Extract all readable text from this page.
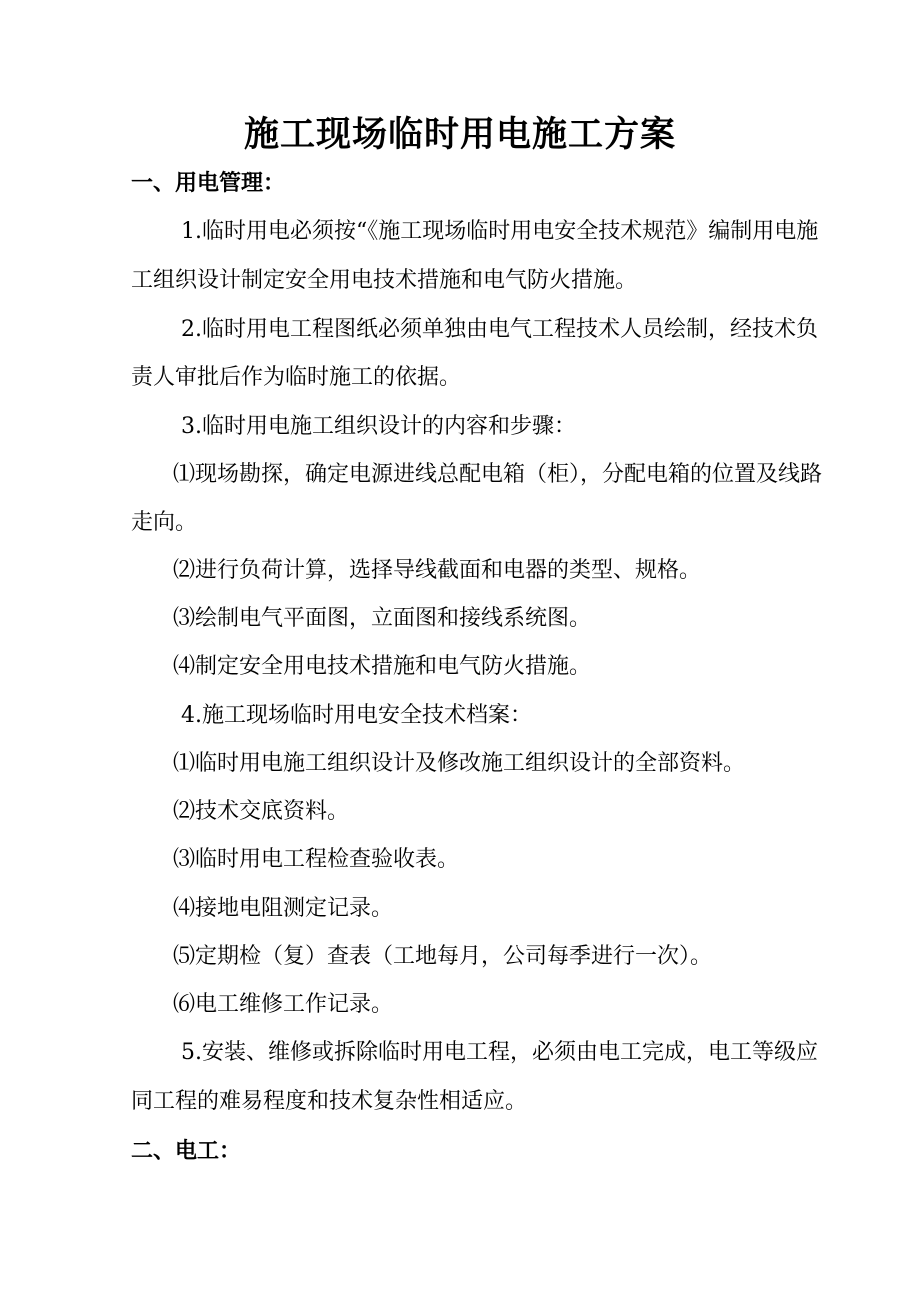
施工现场临时用电施工方案
一、用电管理：
1.临时用电必须按“《施工现场临时用电安全技术规范》编制用电施
工组织设计制定安全用电技术措施和电气防火措施。
2.临时用电工程图纸必须单独由电气工程技术人员绘制，经技术负
责人审批后作为临时施工的依据。
3.临时用电施工组织设计的内容和步骤：
⑴现场勘探，确定电源进线总配电箱（柜），分配电箱的位置及线路
走向。
⑵进行负荷计算，选择导线截面和电器的类型、规格。
⑶绘制电气平面图，立面图和接线系统图。
⑷制定安全用电技术措施和电气防火措施。
4.施工现场临时用电安全技术档案：
⑴临时用电施工组织设计及修改施工组织设计的全部资料。
⑵技术交底资料。
⑶临时用电工程检查验收表。
⑷接地电阻测定记录。
⑸定期检（复）查表（工地每月，公司每季进行一次）。
⑹电工维修工作记录。
5.安装、维修或拆除临时用电工程，必须由电工完成，电工等级应
同工程的难易程度和技术复杂性相适应。
二、电工：
